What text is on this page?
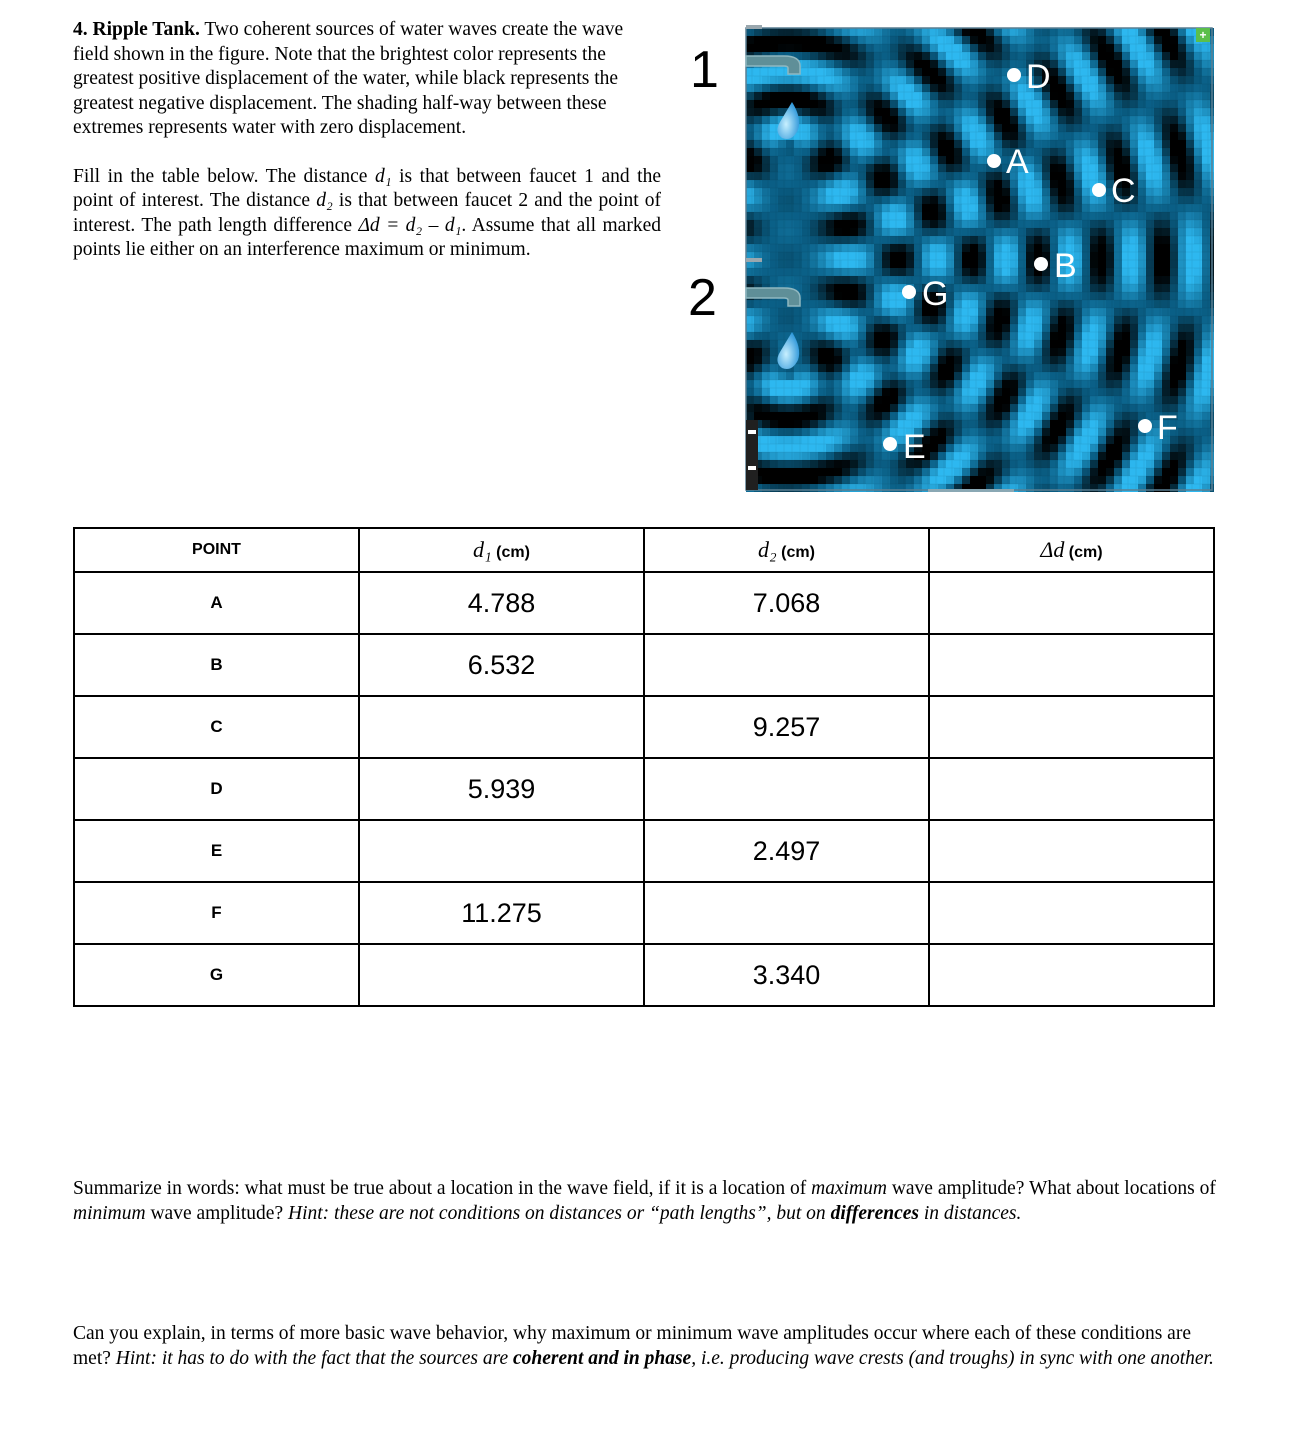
4. Ripple Tank. Two coherent sources of water waves create the wave field shown in the figure. Note that the brightest color represents the greatest positive displacement of the water, while black represents the greatest negative displacement. The shading half-way between these extremes represents water with zero displacement.

Fill in the table below. The distance d₁ is that between faucet 1 and the point of interest. The distance d₂ is that between faucet 2 and the point of interest. The path length difference Δd = d₂ – d₁. Assume that all marked points lie either on an interference maximum or minimum.

1
2
+
D
A
C
B
G
E	F
POINT	d₁ (cm)	d₂ (cm)	Δd (cm)
A	4.788	7.068	
B	6.532		
C		9.257	
D	5.939		
E		2.497	
F	11.275		
G		3.340	

Summarize in words: what must be true about a location in the wave field, if it is a location of maximum wave amplitude? What about locations of minimum wave amplitude? Hint: these are not conditions on distances or “path lengths”, but on differences in distances.

Can you explain, in terms of more basic wave behavior, why maximum or minimum wave amplitudes occur where each of these conditions are met? Hint: it has to do with the fact that the sources are coherent and in phase, i.e. producing wave crests (and troughs) in sync with one another.
